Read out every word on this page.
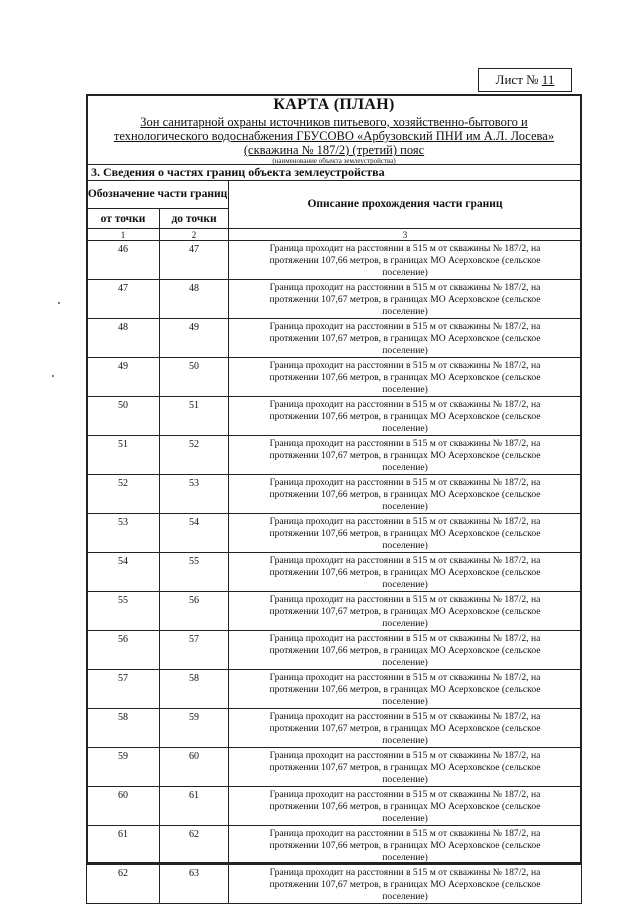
Лист № 11
КАРТА (ПЛАН)
Зон санитарной охраны источников питьевого, хозяйственно-бытового и
технологического водоснабжения ГБУСОВО «Арбузовский ПНИ им А.Л. Лосева»
(скважина № 187/2) (третий) пояс
(наименование объекта землеустройства)
3. Сведения о частях границ объекта землеустройства
Обозначение части границ		Описание прохождения части границ
от точки	до точки	
1	2	3
46	47	Граница проходит на расстоянии в 515 м от скважины № 187/2, на
протяжении 107,66 метров, в границах МО Асерховское (сельское
поселение)
47	48	Граница проходит на расстоянии в 515 м от скважины № 187/2, на
протяжении 107,67 метров, в границах МО Асерховское (сельское
поселение)
48	49	Граница проходит на расстоянии в 515 м от скважины № 187/2, на
протяжении 107,67 метров, в границах МО Асерховское (сельское
поселение)
49	50	Граница проходит на расстоянии в 515 м от скважины № 187/2, на
протяжении 107,66 метров, в границах МО Асерховское (сельское
поселение)
50	51	Граница проходит на расстоянии в 515 м от скважины № 187/2, на
протяжении 107,66 метров, в границах МО Асерховское (сельское
поселение)
51	52	Граница проходит на расстоянии в 515 м от скважины № 187/2, на
протяжении 107,67 метров, в границах МО Асерховское (сельское
поселение)
52	53	Граница проходит на расстоянии в 515 м от скважины № 187/2, на
протяжении 107,66 метров, в границах МО Асерховское (сельское
поселение)
53	54	Граница проходит на расстоянии в 515 м от скважины № 187/2, на
протяжении 107,66 метров, в границах МО Асерховское (сельское
поселение)
54	55	Граница проходит на расстоянии в 515 м от скважины № 187/2, на
протяжении 107,66 метров, в границах МО Асерховское (сельское
поселение)
55	56	Граница проходит на расстоянии в 515 м от скважины № 187/2, на
протяжении 107,67 метров, в границах МО Асерховское (сельское
поселение)
56	57	Граница проходит на расстоянии в 515 м от скважины № 187/2, на
протяжении 107,66 метров, в границах МО Асерховское (сельское
поселение)
57	58	Граница проходит на расстоянии в 515 м от скважины № 187/2, на
протяжении 107,66 метров, в границах МО Асерховское (сельское
поселение)
58	59	Граница проходит на расстоянии в 515 м от скважины № 187/2, на
протяжении 107,67 метров, в границах МО Асерховское (сельское
поселение)
59	60	Граница проходит на расстоянии в 515 м от скважины № 187/2, на
протяжении 107,67 метров, в границах МО Асерховское (сельское
поселение)
60	61	Граница проходит на расстоянии в 515 м от скважины № 187/2, на
протяжении 107,66 метров, в границах МО Асерховское (сельское
поселение)
61	62	Граница проходит на расстоянии в 515 м от скважины № 187/2, на
протяжении 107,66 метров, в границах МО Асерховское (сельское
поселение)
62	63	Граница проходит на расстоянии в 515 м от скважины № 187/2, на
протяжении 107,67 метров, в границах МО Асерховское (сельское
поселение)
